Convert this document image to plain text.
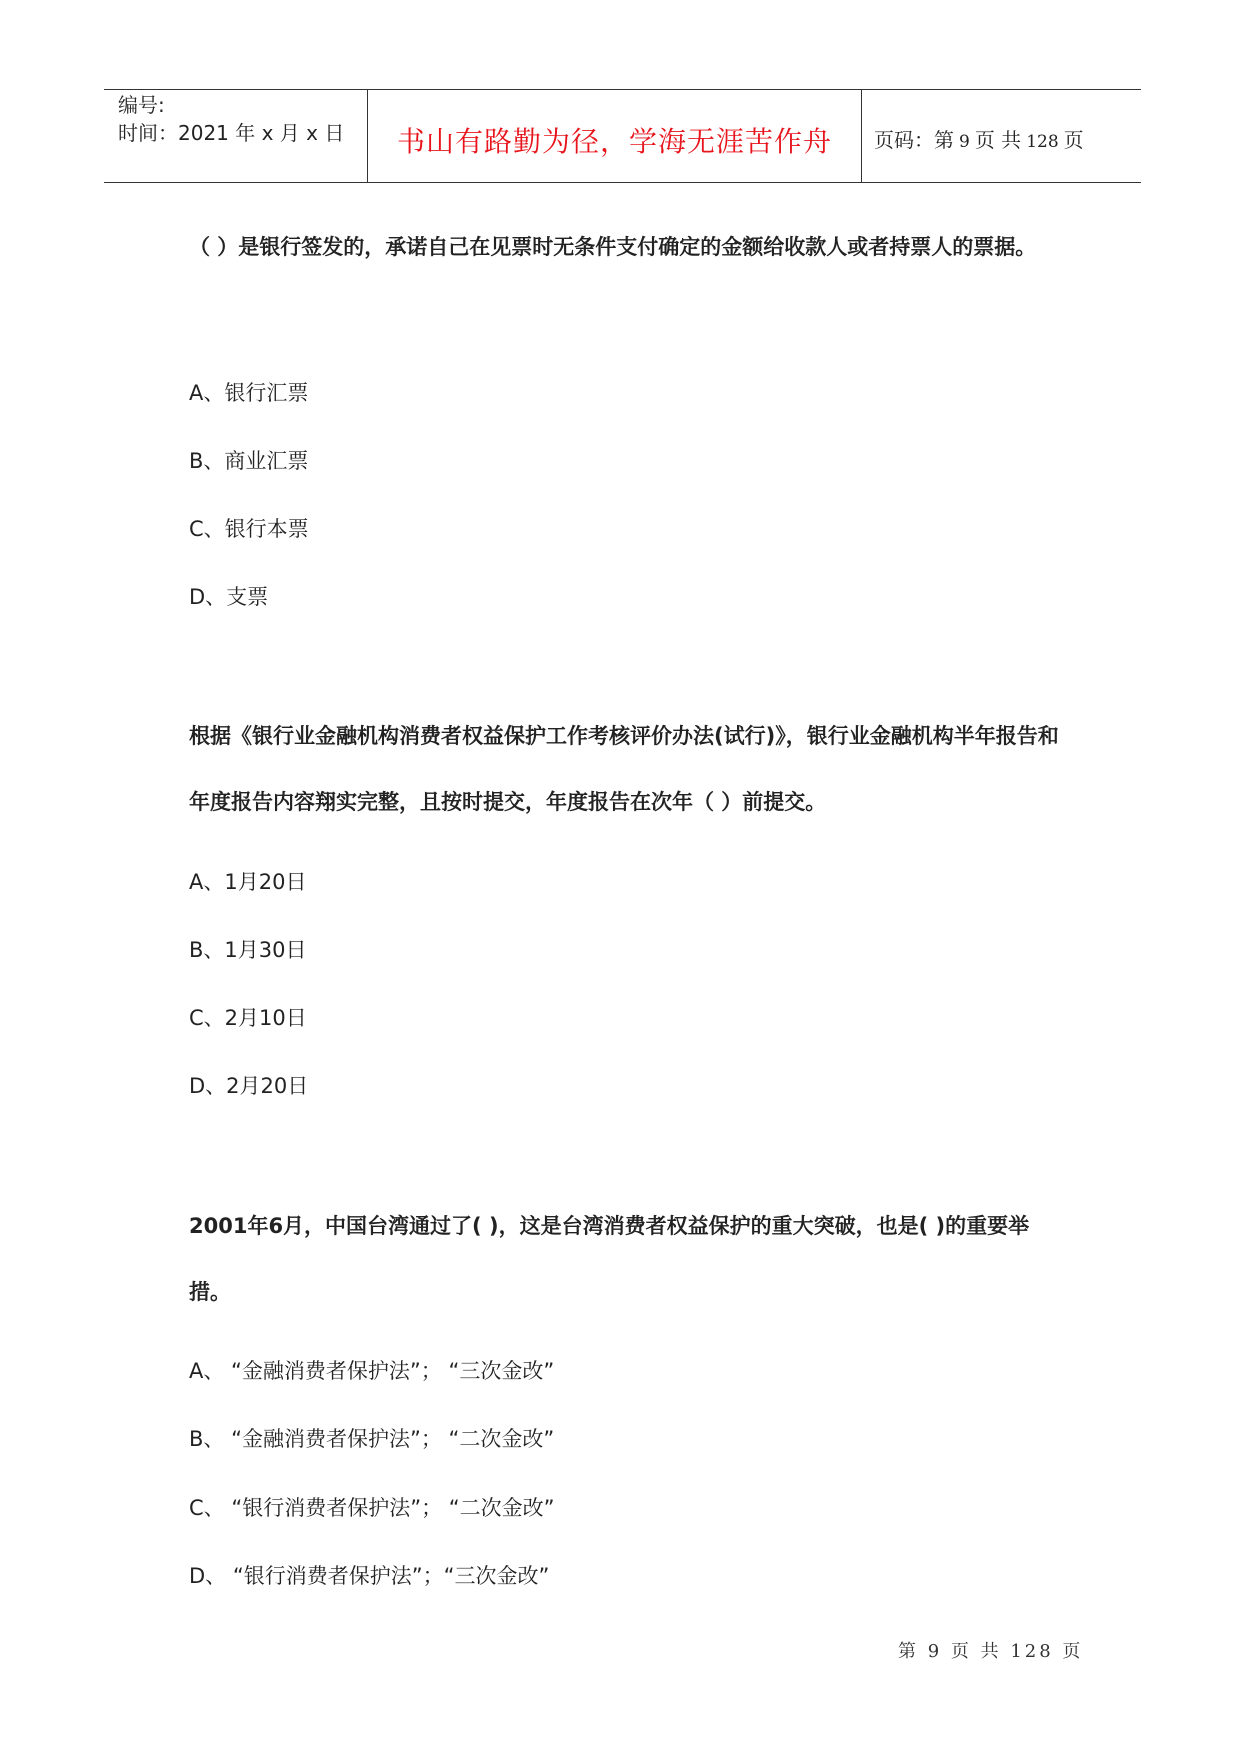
编号:
时间：2021 年 x 月 x 日	书山有路勤为径，学海无涯苦作舟	页码：第 9 页 共 128 页
（ ）是银行签发的，承诺自己在见票时无条件支付确定的金额给收款人或者持票人的票据。
A、银行汇票
B、商业汇票
C、银行本票
D、支票
根据《银行业金融机构消费者权益保护工作考核评价办法(试行)》，银行业金融机构半年报告和年度报告内容翔实完整，且按时提交，年度报告在次年（ ）前提交。
A、1月20日
B、1月30日
C、2月10日
D、2月20日
2001年6月，中国台湾通过了( )，这是台湾消费者权益保护的重大突破，也是( )的重要举措。
A、 “金融消费者保护法”； “三次金改”
B、 “金融消费者保护法”； “二次金改”
C、 “银行消费者保护法”； “二次金改”
D、 “银行消费者保护法”；“三次金改”
第 9 页 共 128 页
